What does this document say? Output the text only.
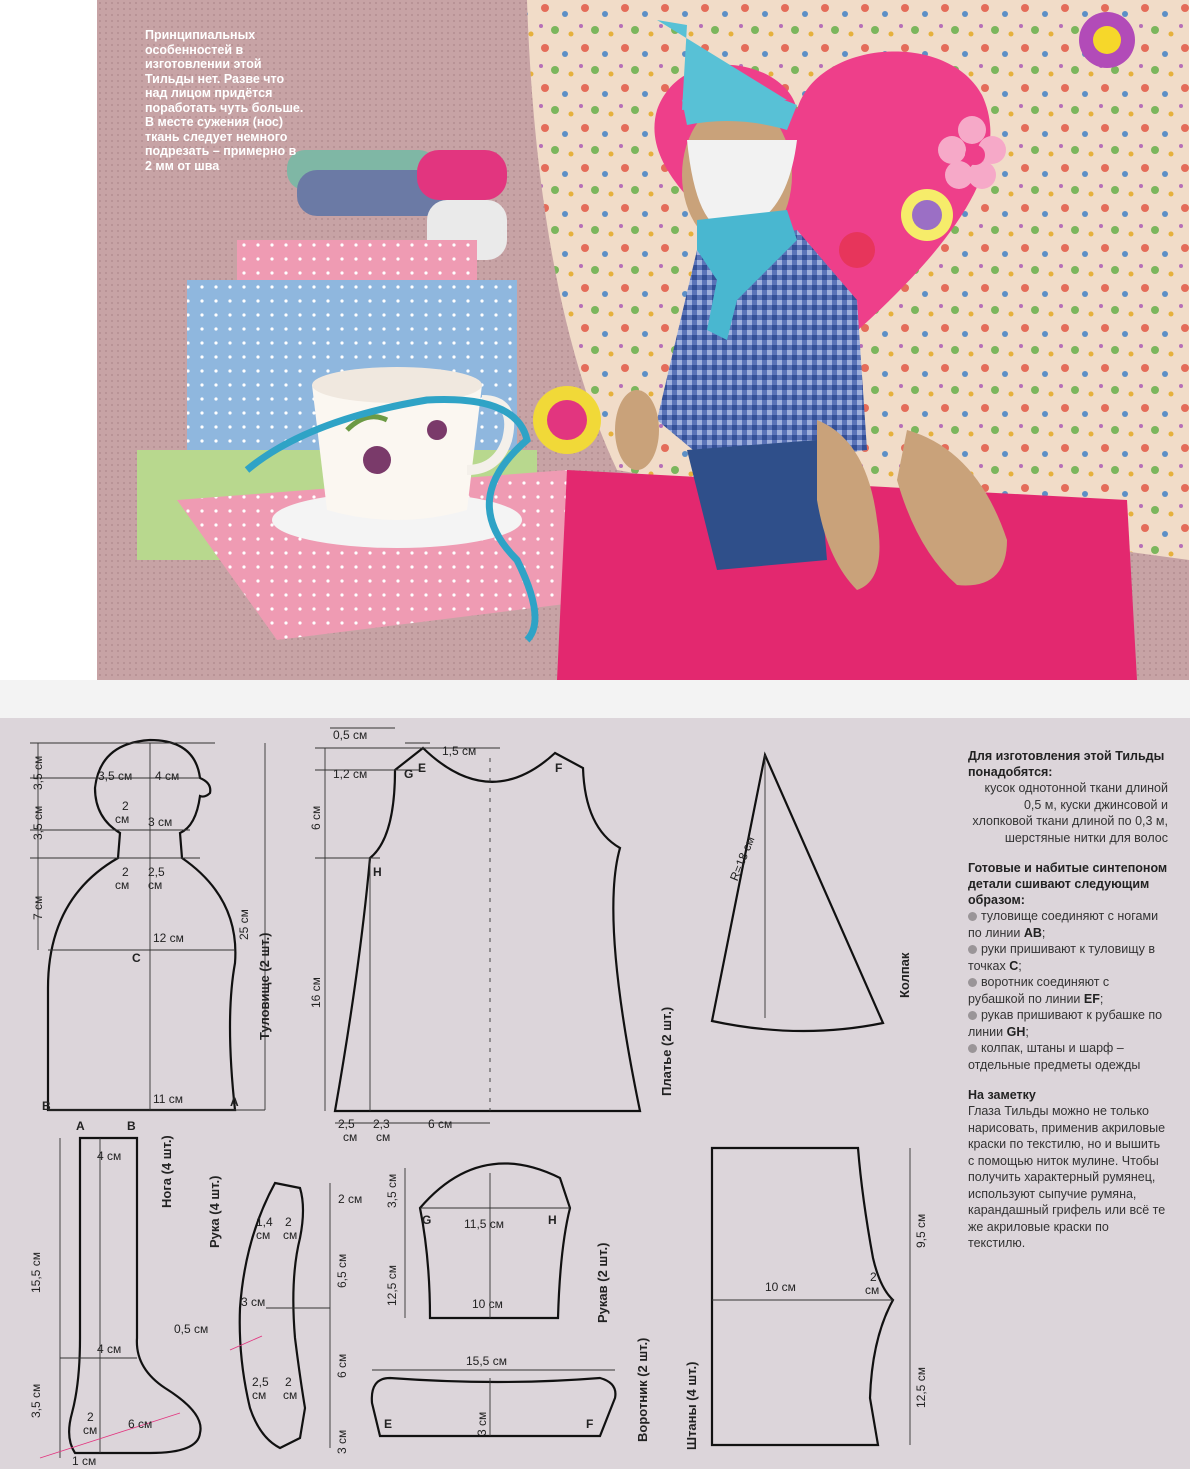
Принципиальных особенностей в изготовлении этой Тильды нет. Разве что над лицом придётся поработать чуть больше. В месте сужения (нос) ткань следует немного подрезать – примерно в 2 мм от шва

3,5 см 4 см
2
см 3 см
2
см
2,5
см
12 см
C
11 см
B	A
3,5 см
3,5 см
7 см
25 см
Туловище (2 шт.)
0,5 см
1,5 см
1,2 см	G E	F
H
6 см
16 см
2,5
см
2,3
см
6 см
Платье (2 шт.)
R=18 см
Колпак
A	B
4 см
4 см
2
см	6 см
1 см
15,5 см
3,5 см
Нога (4 шт.)	2 см
1,4
см
2
см
6,5 см
3 см
0,5 см
6 см
2,5
см
2
см
3 см
Рука (4 шт.)	3,5 см
G	11,5 см	H
12,5 см	10 см	Рукав (2 шт.)
15,5 см
3 см
E	F	Воротник (2 шт.)
9,5 см
10 см
2
см
12,5 см
Штаны (4 шт.)
Для изготовления этой Тильды понадобятся:

кусок однотонной ткани длиной 0,5 м, куски джинсовой и хлопковой ткани длиной по 0,3 м, шерстяные нитки для волос

Готовые и набитые синтепоном детали сшивают следующим образом:
туловище соединяют с ногами по линии AB;
руки пришивают к туловищу в точках C;
воротник соединяют с рубашкой по линии EF;
рукав пришивают к рубашке по линии GH;
колпак, штаны и шарф – отдельные предметы одежды
На заметку

Глаза Тильды можно не только нарисовать, применив акриловые краски по текстилю, но и вышить с помощью ниток мулине. Чтобы получить характерный румянец, используют сыпучие румяна, карандашный грифель или всё те же акриловые краски по текстилю.
